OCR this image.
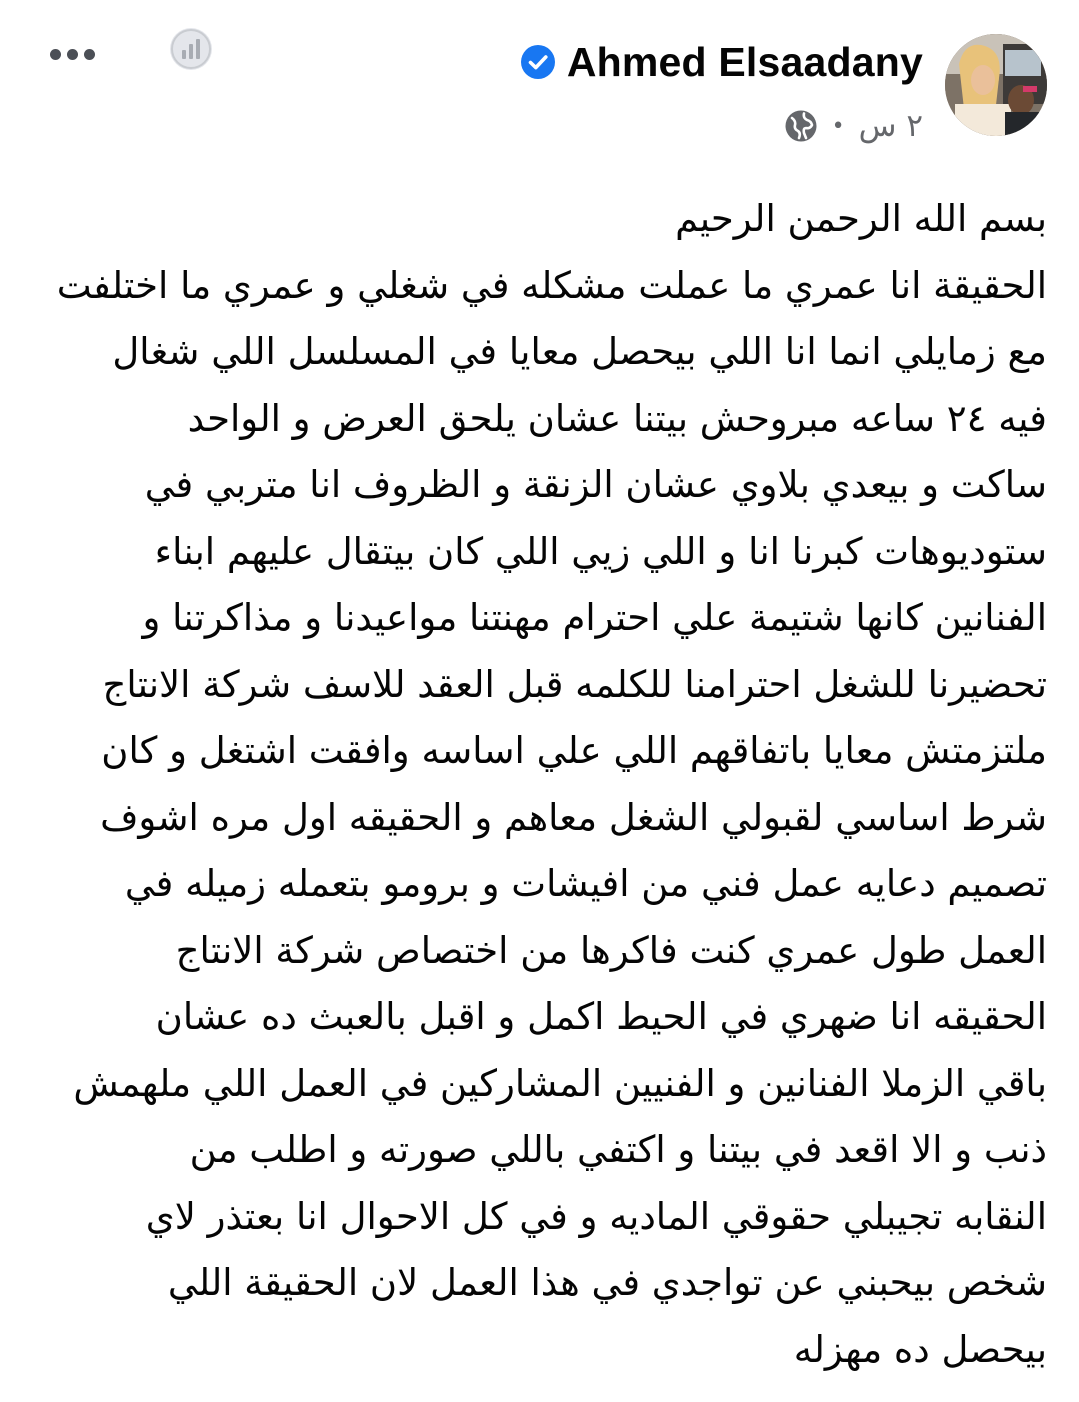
Ahmed Elsaadany
• ٢ س
بسم الله الرحمن الرحيم
الحقيقة انا عمري ما عملت مشكله في شغلي و عمري ما اختلفت
مع زمايلي انما انا اللي بيحصل معايا في المسلسل اللي شغال
فيه ٢٤ ساعه مبروحش بيتنا عشان يلحق العرض و الواحد
ساكت و بيعدي بلاوي عشان الزنقة و الظروف انا متربي في
ستوديوهات كبرنا انا و اللي زيي اللي كان بيتقال عليهم ابناء
الفنانين كانها شتيمة علي احترام مهنتنا مواعيدنا و مذاكرتنا و
تحضيرنا للشغل احترامنا للكلمه قبل العقد للاسف شركة الانتاج
ملتزمتش معايا باتفاقهم اللي علي اساسه وافقت اشتغل و كان
شرط اساسي لقبولي الشغل معاهم و الحقيقه اول مره اشوف
تصميم دعايه عمل فني من افيشات و برومو بتعمله زميله في
العمل طول عمري كنت فاكرها من اختصاص شركة الانتاج
الحقيقه انا ضهري في الحيط اكمل و اقبل بالعبث ده عشان
باقي الزملا الفنانين و الفنيين المشاركين في العمل اللي ملهمش
ذنب و الا اقعد في بيتنا و اكتفي باللي صورته و اطلب من
النقابه تجيبلي حقوقي الماديه و في كل الاحوال انا بعتذر لاي
شخص بيحبني عن تواجدي في هذا العمل لان الحقيقة اللي
بيحصل ده مهزله
